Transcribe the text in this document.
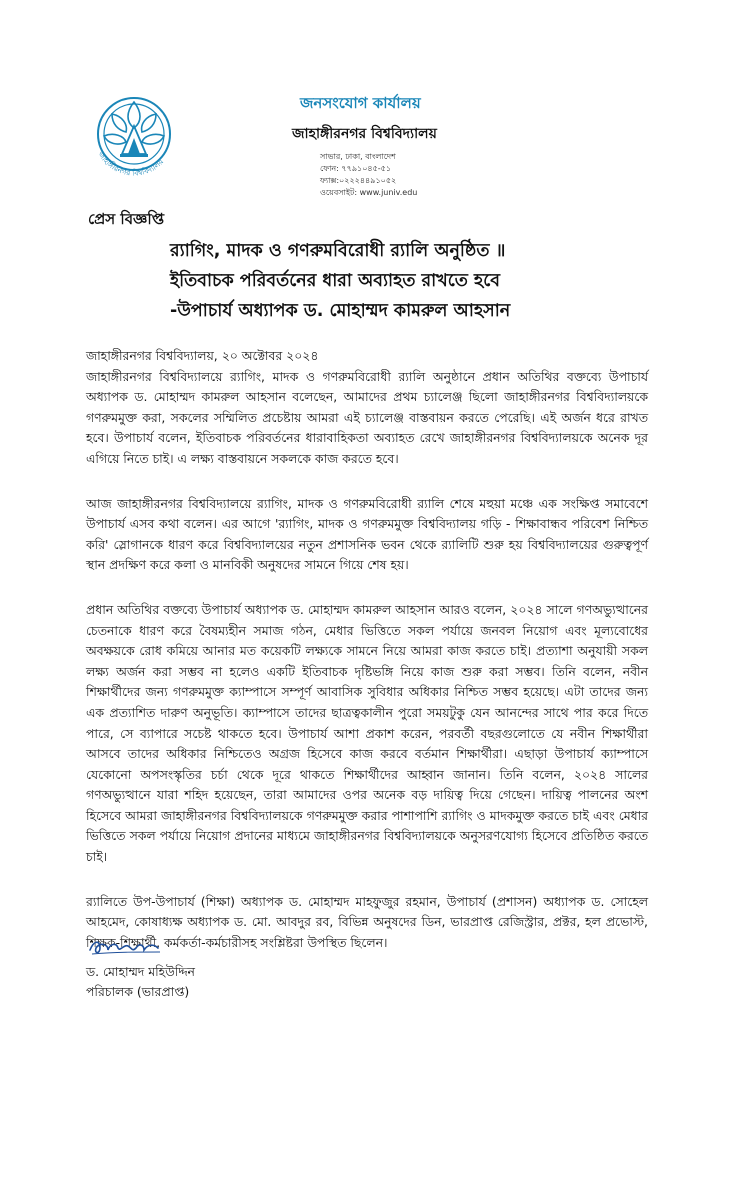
জাহাঙ্গীরনগর বিশ্ববিদ্যালয়
জনসংযোগ কার্যালয়
জাহাঙ্গীরনগর বিশ্ববিদ্যালয়
সাভার, ঢাকা, বাংলাদেশ
ফোন: ৭৭৯১০৪৫-৫১
ফ্যাক্স:০২২২৪৪৯১০৫২
ওয়েবসাইট: www.juniv.edu
প্রেস বিজ্ঞপ্তি
র‌্যাগিং, মাদক ও গণরুমবিরোধী র‌্যালি অনুষ্ঠিত ॥
ইতিবাচক পরিবর্তনের ধারা অব্যাহত রাখতে হবে
-উপাচার্য অধ্যাপক ড. মোহাম্মদ কামরুল আহসান
জাহাঙ্গীরনগর বিশ্ববিদ্যালয়, ২০ অক্টোবর ২০২৪

জাহাঙ্গীরনগর বিশ্ববিদ্যালয়ে র‌্যাগিং, মাদক ও গণরুমবিরোধী র‌্যালি অনুষ্ঠানে প্রধান অতিথির বক্তব্যে উপাচার্য অধ্যাপক ড. মোহাম্মদ কামরুল আহসান বলেছেন, আমাদের প্রথম চ্যালেঞ্জ ছিলো জাহাঙ্গীরনগর বিশ্ববিদ্যালয়কে গণরুমমুক্ত করা, সকলের সম্মিলিত প্রচেষ্টায় আমরা এই চ্যালেঞ্জ বাস্তবায়ন করতে পেরেছি। এই অর্জন ধরে রাখত হবে। উপাচার্য বলেন, ইতিবাচক পরিবর্তনের ধারাবাহিকতা অব্যাহত রেখে জাহাঙ্গীরনগর বিশ্ববিদ্যালয়কে অনেক দূর এগিয়ে নিতে চাই। এ লক্ষ্য বাস্তবায়নে সকলকে কাজ করতে হবে।

আজ জাহাঙ্গীরনগর বিশ্ববিদ্যালয়ে র‌্যাগিং, মাদক ও গণরুমবিরোধী র‌্যালি শেষে মহুয়া মঞ্চে এক সংক্ষিপ্ত সমাবেশে উপাচার্য এসব কথা বলেন। এর আগে 'র‌্যাগিং, মাদক ও গণরুমমুক্ত বিশ্ববিদ্যালয় গড়ি - শিক্ষাবান্ধব পরিবেশ নিশ্চিত করি' স্লোগানকে ধারণ করে বিশ্ববিদ্যালয়ের নতুন প্রশাসনিক ভবন থেকে র‌্যালিটি শুরু হয় বিশ্ববিদ্যালয়ের গুরুত্বপূর্ণ স্থান প্রদক্ষিণ করে কলা ও মানবিকী অনুষদের সামনে গিয়ে শেষ হয়।

প্রধান অতিথির বক্তব্যে উপাচার্য অধ্যাপক ড. মোহাম্মদ কামরুল আহসান আরও বলেন, ২০২৪ সালে গণঅভ্যুত্থানের চেতনাকে ধারণ করে বৈষম্যহীন সমাজ গঠন, মেধার ভিত্তিতে সকল পর্যায়ে জনবল নিয়োগ এবং মূল্যবোধের অবক্ষয়কে রোধ কমিয়ে আনার মত কয়েকটি লক্ষ্যকে সামনে নিয়ে আমরা কাজ করতে চাই। প্রত্যাশা অনুযায়ী সকল লক্ষ্য অর্জন করা সম্ভব না হলেও একটি ইতিবাচক দৃষ্টিভঙ্গি নিয়ে কাজ শুরু করা সম্ভব। তিনি বলেন, নবীন শিক্ষার্থীদের জন্য গণরুমমুক্ত ক্যাম্পাসে সম্পূর্ণ আবাসিক সুবিধার অধিকার নিশ্চিত সম্ভব হয়েছে। এটা তাদের জন্য এক প্রত্যাশিত দারুণ অনুভূতি। ক্যাম্পাসে তাদের ছাত্রত্বকালীন পুরো সময়টুকু যেন আনন্দের সাথে পার করে দিতে পারে, সে ব্যাপারে সচেষ্ট থাকতে হবে। উপাচার্য আশা প্রকাশ করেন, পরবর্তী বছরগুলোতে যে নবীন শিক্ষার্থীরা আসবে তাদের অধিকার নিশ্চিতেও অগ্রজ হিসেবে কাজ করবে বর্তমান শিক্ষার্থীরা। এছাড়া উপাচার্য ক্যাম্পাসে যেকোনো অপসংস্কৃতির চর্চা থেকে দূরে থাকতে শিক্ষার্থীদের আহ্বান জানান। তিনি বলেন, ২০২৪ সালের গণঅভ্যুত্থানে যারা শহিদ হয়েছেন, তারা আমাদের ওপর অনেক বড় দায়িত্ব দিয়ে গেছেন। দায়িত্ব পালনের অংশ হিসেবে আমরা জাহাঙ্গীরনগর বিশ্ববিদ্যালয়কে গণরুমমুক্ত করার পাশাপাশি র‌্যাগিং ও মাদকমুক্ত করতে চাই এবং মেধার ভিত্তিতে সকল পর্যায়ে নিয়োগ প্রদানের মাধ্যমে জাহাঙ্গীরনগর বিশ্ববিদ্যালয়কে অনুসরণযোগ্য হিসেবে প্রতিষ্ঠিত করতে চাই।

র‌্যালিতে উপ-উপাচার্য (শিক্ষা) অধ্যাপক ড. মোহাম্মদ মাহফুজুর রহমান, উপাচার্য (প্রশাসন) অধ্যাপক ড. সোহেল আহমেদ, কোষাধ্যক্ষ অধ্যাপক ড. মো. আবদুর রব, বিভিন্ন অনুষদের ডিন, ভারপ্রাপ্ত রেজিস্ট্রার, প্রক্টর, হল প্রভোস্ট, শিক্ষক-শিক্ষার্থী, কর্মকর্তা-কর্মচারীসহ সংশ্লিষ্টরা উপস্থিত ছিলেন।

ড. মোহাম্মদ মহিউদ্দিন
পরিচালক (ভারপ্রাপ্ত)
